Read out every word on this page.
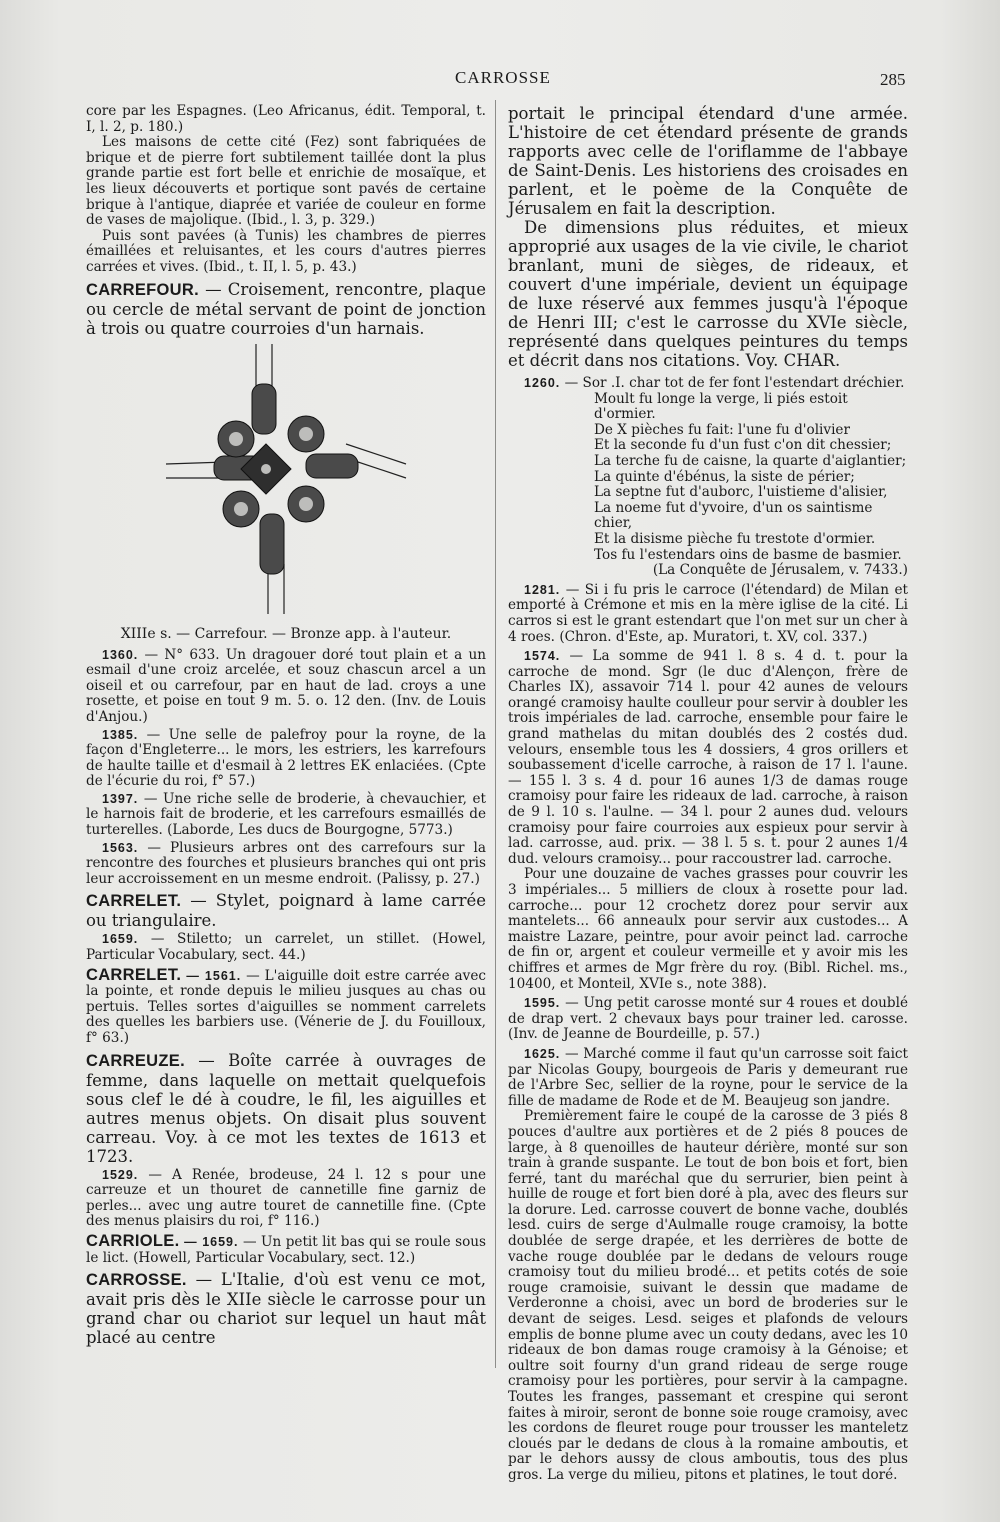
CARROSSE	285

core par les Espagnes. (Leo Africanus, édit. Temporal, t. I, l. 2, p. 180.)

Les maisons de cette cité (Fez) sont fabriquées de brique et de pierre fort subtilement taillée dont la plus grande partie est fort belle et enrichie de mosaïque, et les lieux découverts et portique sont pavés de certaine brique à l'antique, diaprée et variée de couleur en forme de vases de majolique. (Ibid., l. 3, p. 329.)

Puis sont pavées (à Tunis) les chambres de pierres émaillées et reluisantes, et les cours d'autres pierres carrées et vives. (Ibid., t. II, l. 5, p. 43.)

CARREFOUR. — Croisement, rencontre, plaque ou cercle de métal servant de point de jonction à trois ou quatre courroies d'un harnais.

XIIIe s. — Carrefour. — Bronze app. à l'auteur.

1360. — N° 633. Un dragouer doré tout plain et a un esmail d'une croiz arcelée, et souz chascun arcel a un oiseil et ou carrefour, par en haut de lad. croys a une rosette, et poise en tout 9 m. 5. o. 12 den. (Inv. de Louis d'Anjou.)

1385. — Une selle de palefroy pour la royne, de la façon d'Engleterre... le mors, les estriers, les karrefours de haulte taille et d'esmail à 2 lettres EK enlaciées. (Cpte de l'écurie du roi, f° 57.)

1397. — Une riche selle de broderie, à chevauchier, et le harnois fait de broderie, et les carrefours esmaillés de turterelles. (Laborde, Les ducs de Bourgogne, 5773.)

1563. — Plusieurs arbres ont des carrefours sur la rencontre des fourches et plusieurs branches qui ont pris leur accroissement en un mesme endroit. (Palissy, p. 27.)

CARRELET. — Stylet, poignard à lame carrée ou triangulaire.

1659. — Stiletto; un carrelet, un stillet. (Howel, Particular Vocabulary, sect. 44.)

CARRELET. — 1561. — L'aiguille doit estre carrée avec la pointe, et ronde depuis le milieu jusques au chas ou pertuis. Telles sortes d'aiguilles se nomment carrelets des quelles les barbiers use. (Vénerie de J. du Fouilloux, f° 63.)

CARREUZE. — Boîte carrée à ouvrages de femme, dans laquelle on mettait quelquefois sous clef le dé à coudre, le fil, les aiguilles et autres menus objets. On disait plus souvent carreau. Voy. à ce mot les textes de 1613 et 1723.

1529. — A Renée, brodeuse, 24 l. 12 s pour une carreuze et un thouret de cannetille fine garniz de perles... avec ung autre touret de cannetille fine. (Cpte des menus plaisirs du roi, f° 116.)

CARRIOLE. — 1659. — Un petit lit bas qui se roule sous le lict. (Howell, Particular Vocabulary, sect. 12.)

CARROSSE. — L'Italie, d'où est venu ce mot, avait pris dès le XIIe siècle le carrosse pour un grand char ou chariot sur lequel un haut mât placé au centre

portait le principal étendard d'une armée. L'histoire de cet étendard présente de grands rapports avec celle de l'oriflamme de l'abbaye de Saint-Denis. Les historiens des croisades en parlent, et le poème de la Conquête de Jérusalem en fait la description.

De dimensions plus réduites, et mieux approprié aux usages de la vie civile, le chariot branlant, muni de sièges, de rideaux, et couvert d'une impériale, devient un équipage de luxe réservé aux femmes jusqu'à l'époque de Henri III; c'est le carrosse du XVIe siècle, représenté dans quelques peintures du temps et décrit dans nos citations. Voy. CHAR.

1260. — Sor .I. char tot de fer font l'estendart dréchier.

Moult fu longe la verge, li piés estoit d'ormier.

De X pièches fu fait: l'une fu d'olivier

Et la seconde fu d'un fust c'on dit chessier;

La terche fu de caisne, la quarte d'aiglantier;

La quinte d'ébénus, la siste de périer;

La septne fut d'auborc, l'uistieme d'alisier,

La noeme fut d'yvoire, d'un os saintisme chier,

Et la disisme pièche fu trestote d'ormier.

Tos fu l'estendars oins de basme de basmier.

(La Conquête de Jérusalem, v. 7433.)

1281. — Si i fu pris le carroce (l'étendard) de Milan et emporté à Crémone et mis en la mère iglise de la cité. Li carros si est le grant estendart que l'on met sur un cher à 4 roes. (Chron. d'Este, ap. Muratori, t. XV, col. 337.)

1574. — La somme de 941 l. 8 s. 4 d. t. pour la carroche de mond. Sgr (le duc d'Alençon, frère de Charles IX), assavoir 714 l. pour 42 aunes de velours orangé cramoisy haulte coulleur pour servir à doubler les trois impériales de lad. carroche, ensemble pour faire le grand mathelas du mitan doublés des 2 costés dud. velours, ensemble tous les 4 dossiers, 4 gros orillers et soubassement d'icelle carroche, à raison de 17 l. l'aune. — 155 l. 3 s. 4 d. pour 16 aunes 1/3 de damas rouge cramoisy pour faire les rideaux de lad. carroche, à raison de 9 l. 10 s. l'aulne. — 34 l. pour 2 aunes dud. velours cramoisy pour faire courroies aux espieux pour servir à lad. carrosse, aud. prix. — 38 l. 5 s. t. pour 2 aunes 1/4 dud. velours cramoisy... pour raccoustrer lad. carroche.

Pour une douzaine de vaches grasses pour couvrir les 3 impériales... 5 milliers de cloux à rosette pour lad. carroche... pour 12 crochetz dorez pour servir aux mantelets... 66 anneaulx pour servir aux custodes... A maistre Lazare, peintre, pour avoir peinct lad. carroche de fin or, argent et couleur vermeille et y avoir mis les chiffres et armes de Mgr frère du roy. (Bibl. Richel. ms., 10400, et Monteil, XVIe s., note 388).

1595. — Ung petit carosse monté sur 4 roues et doublé de drap vert. 2 chevaux bays pour trainer led. carosse. (Inv. de Jeanne de Bourdeille, p. 57.)

1625. — Marché comme il faut qu'un carrosse soit faict par Nicolas Goupy, bourgeois de Paris y demeurant rue de l'Arbre Sec, sellier de la royne, pour le service de la fille de madame de Rode et de M. Beaujeug son jandre.

Premièrement faire le coupé de la carosse de 3 piés 8 pouces d'aultre aux portières et de 2 piés 8 pouces de large, à 8 quenoilles de hauteur dérière, monté sur son train à grande suspante. Le tout de bon bois et fort, bien ferré, tant du maréchal que du serrurier, bien peint à huille de rouge et fort bien doré à pla, avec des fleurs sur la dorure. Led. carrosse couvert de bonne vache, doublés lesd. cuirs de serge d'Aulmalle rouge cramoisy, la botte doublée de serge drapée, et les derrières de botte de vache rouge doublée par le dedans de velours rouge cramoisy tout du milieu brodé... et petits cotés de soie rouge cramoisie, suivant le dessin que madame de Verderonne a choisi, avec un bord de broderies sur le devant de seiges. Lesd. seiges et plafonds de velours emplis de bonne plume avec un couty dedans, avec les 10 rideaux de bon damas rouge cramoisy à la Génoise; et oultre soit fourny d'un grand rideau de serge rouge cramoisy pour les portières, pour servir à la campagne. Toutes les franges, passemant et crespine qui seront faites à miroir, seront de bonne soie rouge cramoisy, avec les cordons de fleuret rouge pour trousser les manteletz cloués par le dedans de clous à la romaine amboutis, et par le dehors aussy de clous amboutis, tous des plus gros. La verge du milieu, pitons et platines, le tout doré.
